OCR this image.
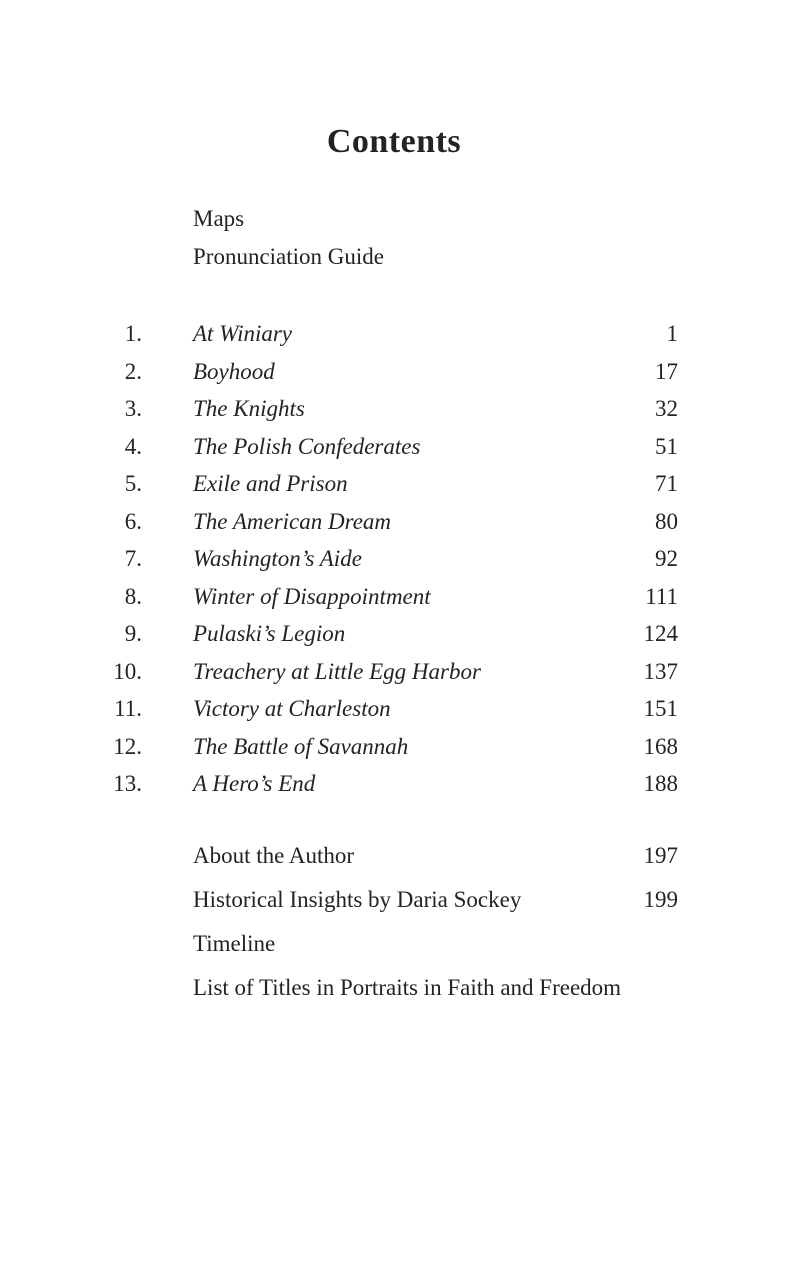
Contents
Maps
Pronunciation Guide
1. At Winiary	1
2. Boyhood	17
3. The Knights	32
4. The Polish Confederates	51
5. Exile and Prison	71
6. The American Dream	80
7. Washington’s Aide	92
8. Winter of Disappointment	111
9. Pulaski’s Legion	124
10. Treachery at Little Egg Harbor	137
11. Victory at Charleston	151
12. The Battle of Savannah	168
13. A Hero’s End	188
About the Author	197
Historical Insights by Daria Sockey	199
Timeline
List of Titles in Portraits in Faith and Freedom
